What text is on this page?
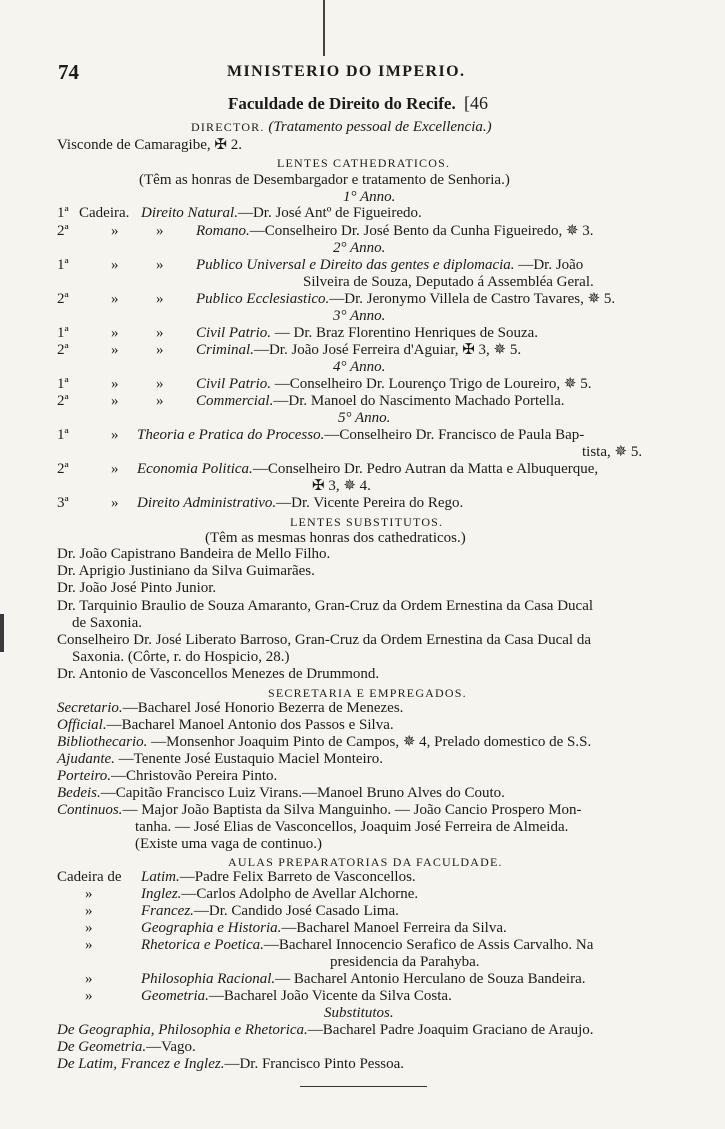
74	MINISTERIO DO IMPERIO.
Faculdade de Direito do Recife. [46
DIRECTOR. (Tratamento pessoal de Excellencia.)
Visconde de Camaragibe, ✠ 2.
LENTES CATHEDRATICOS.
(Têm as honras de Desembargador e tratamento de Senhoria.)
1° Anno.
1ª Cadeira. Direito Natural.—Dr. José Antº de Figueiredo.
2ª	»	» Romano.—Conselheiro Dr. José Bento da Cunha Figueiredo, ✵ 3.
2° Anno.
1ª	»	» Publico Universal e Direito das gentes e diplomacia. —Dr. João
Silveira de Souza, Deputado á Assembléa Geral.
2ª	»	» Publico Ecclesiastico.—Dr. Jeronymo Villela de Castro Tavares, ✵ 5.
3° Anno.
1ª	»	» Civil Patrio. — Dr. Braz Florentino Henriques de Souza.
2ª	»	» Criminal.—Dr. João José Ferreira d'Aguiar, ✠ 3, ✵ 5.
4° Anno.
1ª	»	» Civil Patrio. —Conselheiro Dr. Lourenço Trigo de Loureiro, ✵ 5.
2ª	»	» Commercial.—Dr. Manoel do Nascimento Machado Portella.
5° Anno.
1ª	» Theoria e Pratica do Processo.—Conselheiro Dr. Francisco de Paula Bap-
tista, ✵ 5.
2ª	» Economia Politica.—Conselheiro Dr. Pedro Autran da Matta e Albuquerque,
✠ 3, ✵ 4.
3ª	» Direito Administrativo.—Dr. Vicente Pereira do Rego.
LENTES SUBSTITUTOS.
(Têm as mesmas honras dos cathedraticos.)
Dr. João Capistrano Bandeira de Mello Filho.
Dr. Aprigio Justiniano da Silva Guimarães.
Dr. João José Pinto Junior.
Dr. Tarquinio Braulio de Souza Amaranto, Gran-Cruz da Ordem Ernestina da Casa Ducal
de Saxonia.
Conselheiro Dr. José Liberato Barroso, Gran-Cruz da Ordem Ernestina da Casa Ducal da
Saxonia. (Côrte, r. do Hospicio, 28.)
Dr. Antonio de Vasconcellos Menezes de Drummond.
SECRETARIA E EMPREGADOS.
Secretario.—Bacharel José Honorio Bezerra de Menezes.
Official.—Bacharel Manoel Antonio dos Passos e Silva.
Bibliothecario. —Monsenhor Joaquim Pinto de Campos, ✵ 4, Prelado domestico de S.S.
Ajudante. —Tenente José Eustaquio Maciel Monteiro.
Porteiro.—Christovão Pereira Pinto.
Bedeis.—Capitão Francisco Luiz Virans.—Manoel Bruno Alves do Couto.
Continuos.— Major João Baptista da Silva Manguinho. — João Cancio Prospero Mon-
tanha. — José Elias de Vasconcellos, Joaquim José Ferreira de Almeida.
(Existe uma vaga de continuo.)
AULAS PREPARATORIAS DA FACULDADE.
Cadeira de Latim.—Padre Felix Barreto de Vasconcellos.
»	Inglez.—Carlos Adolpho de Avellar Alchorne.
»	Francez.—Dr. Candido José Casado Lima.
»	Geographia e Historia.—Bacharel Manoel Ferreira da Silva.
»	Rhetorica e Poetica.—Bacharel Innocencio Serafico de Assis Carvalho. Na
presidencia da Parahyba.
»	Philosophia Racional.— Bacharel Antonio Herculano de Souza Bandeira.
»	Geometria.—Bacharel João Vicente da Silva Costa.
Substitutos.
De Geographia, Philosophia e Rhetorica.—Bacharel Padre Joaquim Graciano de Araujo.
De Geometria.—Vago.
De Latim, Francez e Inglez.—Dr. Francisco Pinto Pessoa.
